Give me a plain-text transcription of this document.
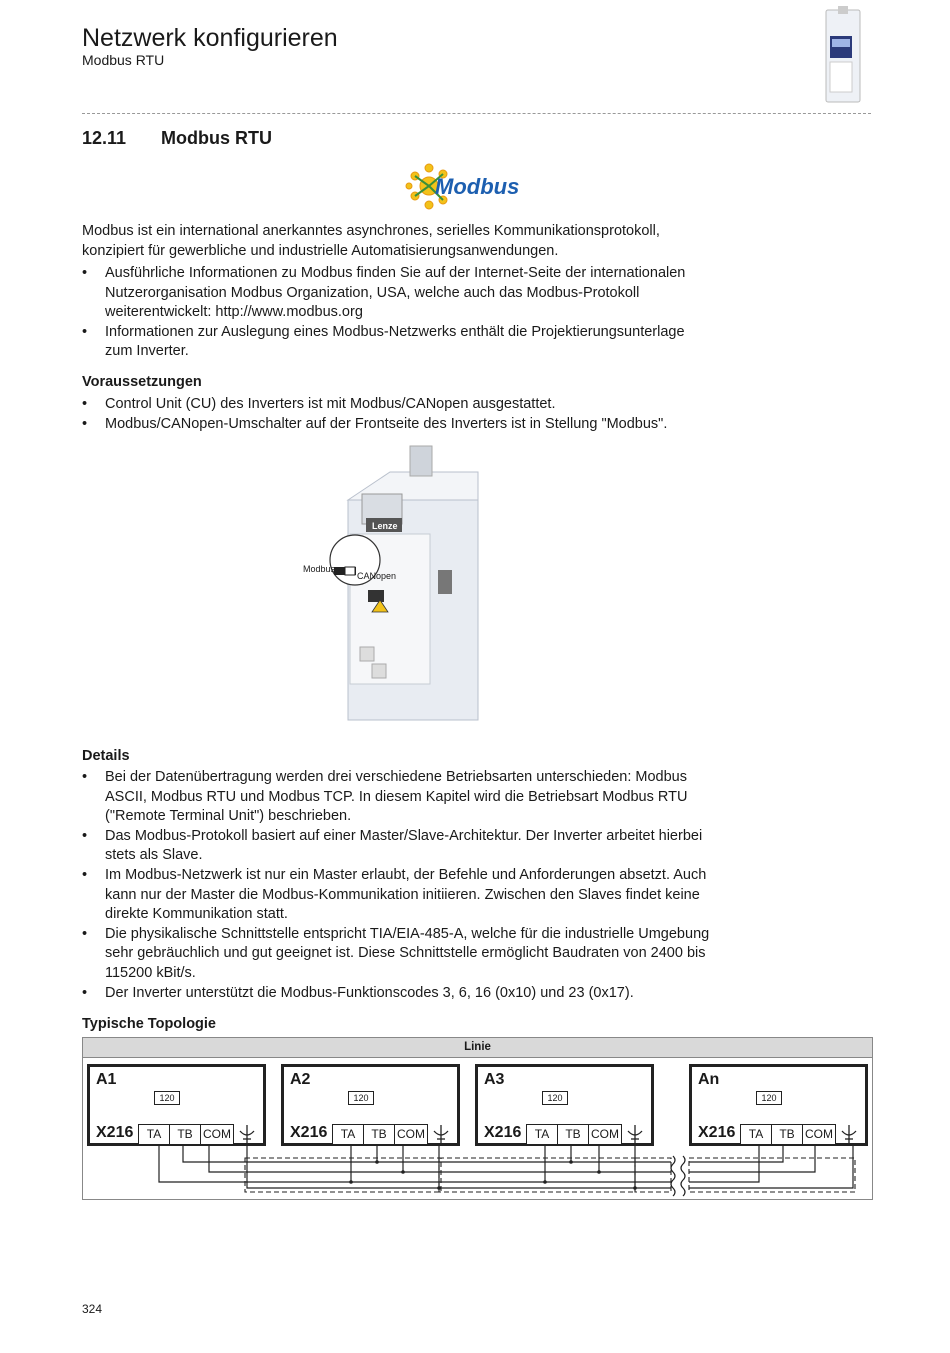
Netzwerk konfigurieren
Modbus RTU
12.11 Modbus RTU
Modbus
Modbus ist ein international anerkanntes asynchrones, serielles Kommunikationsprotokoll, konzipiert für gewerbliche und industrielle Automatisierungsanwendungen.
• Ausführliche Informationen zu Modbus finden Sie auf der Internet-Seite der internationalen Nutzerorganisation Modbus Organization, USA, welche auch das Modbus-Protokoll weiterentwickelt: http://www.modbus.org
• Informationen zur Auslegung eines Modbus-Netzwerks enthält die Projektierungsunterlage zum Inverter.
Voraussetzungen
• Control Unit (CU) des Inverters ist mit Modbus/CANopen ausgestattet.
• Modbus/CANopen-Umschalter auf der Frontseite des Inverters ist in Stellung "Modbus".
Lenze
Modbus
CANopen
Details
• Bei der Datenübertragung werden drei verschiedene Betriebsarten unterschieden: Modbus ASCII, Modbus RTU und Modbus TCP. In diesem Kapitel wird die Betriebsart Modbus RTU ("Remote Terminal Unit") beschrieben.
• Das Modbus-Protokoll basiert auf einer Master/Slave-Architektur. Der Inverter arbeitet hierbei stets als Slave.
• Im Modbus-Netzwerk ist nur ein Master erlaubt, der Befehle und Anforderungen absetzt. Auch kann nur der Master die Modbus-Kommunikation initiieren. Zwischen den Slaves findet keine direkte Kommunikation statt.
• Die physikalische Schnittstelle entspricht TIA/EIA-485-A, welche für die industrielle Umgebung sehr gebräuchlich und gut geeignet ist. Diese Schnittstelle ermöglicht Baudraten von 2400 bis 115200 kBit/s.
• Der Inverter unterstützt die Modbus-Funktionscodes 3, 6, 16 (0x10) und 23 (0x17).
Typische Topologie
Linie
A1
120
X216	TA	TB COM
A2
120
X216	TA	TB COM
A3
120
X216	TA	TB COM
An
120
X216	TA	TB COM
324
